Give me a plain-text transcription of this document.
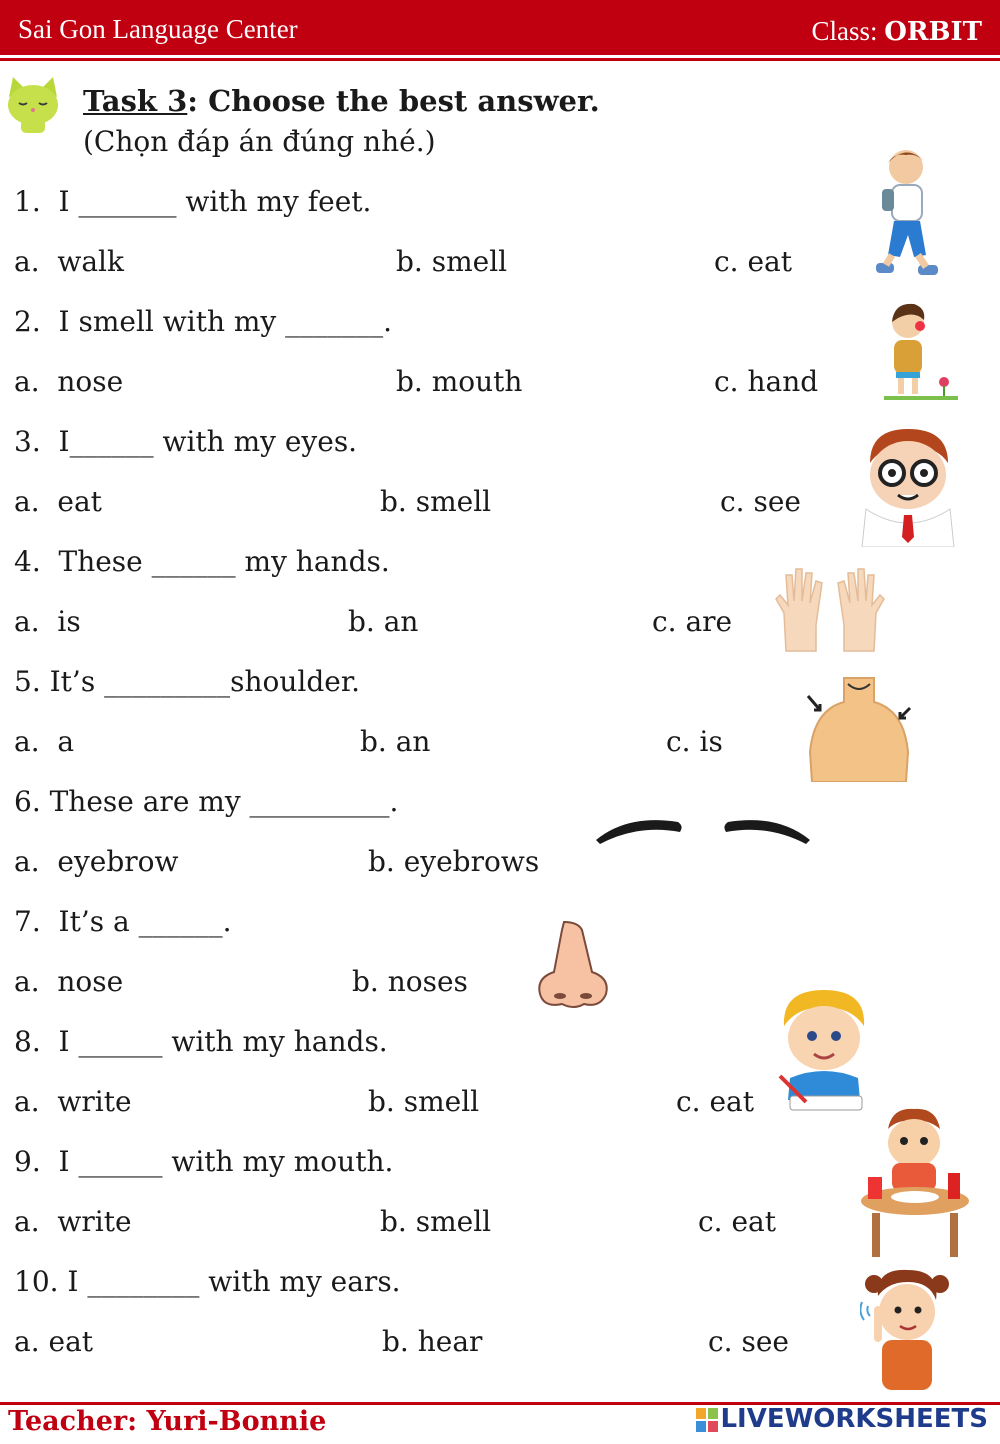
Sai Gon Language Center	Class: ORBIT
Task 3: Choose the best answer.
(Chọn đáp án đúng nhé.)
1.  I _______ with my feet.
a.  walk	b. smell	c. eat
2.  I smell with my _______.
a.  nose	b. mouth	c. hand
3.  I______ with my eyes.
a.  eat	b. smell	c. see
4.  These ______ my hands.
a.  is	b. an	c. are
5. It’s _________shoulder.
a.  a	b. an	c. is
6. These are my __________.
a.  eyebrow	b. eyebrows
7.  It’s a ______.
a.  nose	b. noses
8.  I ______ with my hands.
a.  write	b. smell	c. eat
9.  I ______ with my mouth.
a.  write	b. smell	c. eat
10. I ________ with my ears.
a. eat	b. hear	c. see
Teacher: Yuri-Bonnie	LIVEWORKSHEETS
